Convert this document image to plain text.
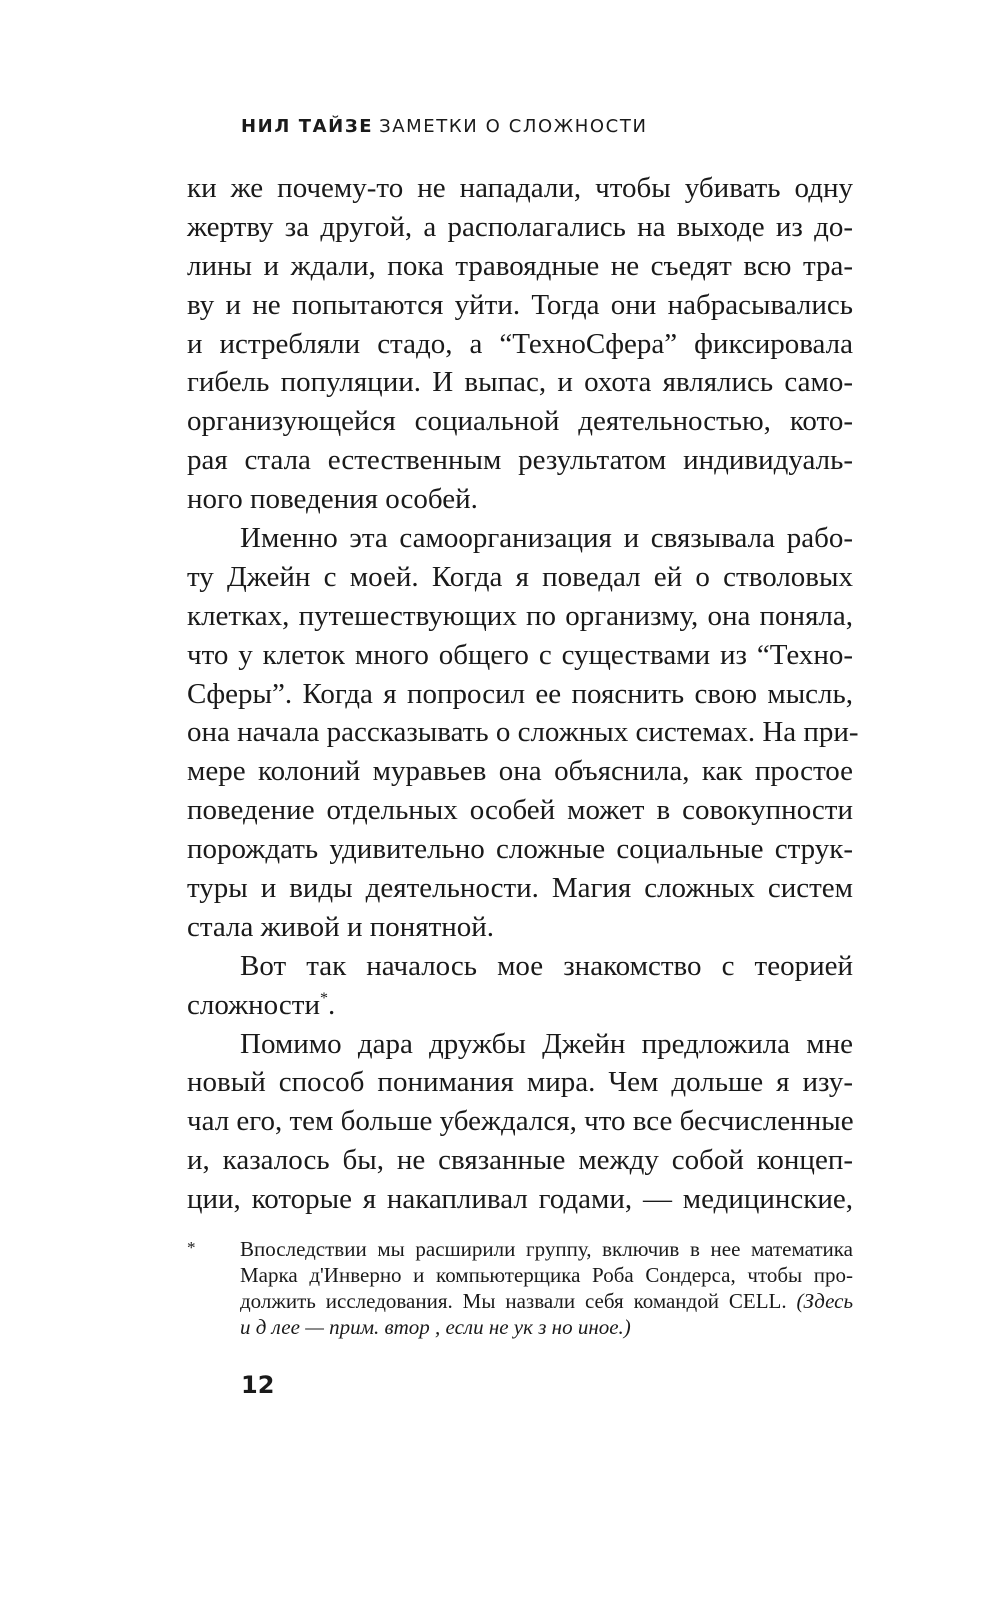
НИЛ ТАЙЗЕ ЗАМЕТКИ О СЛОЖНОСТИ
ки же почему-то не нападали, чтобы убивать одну
жертву за другой, а располагались на выходе из до-
лины и ждали, пока травоядные не съедят всю тра-
ву и не попытаются уйти. Тогда они набрасывались
и истребляли стадо, а “ТехноСфера” фиксировала
гибель популяции. И выпас, и охота являлись само-
организующейся социальной деятельностью, кото-
рая стала естественным результатом индивидуаль-
ного поведения особей.
Именно эта самоорганизация и связывала рабо-
ту Джейн с моей. Когда я поведал ей о стволовых
клетках, путешествующих по организму, она поняла,
что у клеток много общего с существами из “Техно-
Сферы”. Когда я попросил ее пояснить свою мысль,
она начала рассказывать о сложных системах. На при-
мере колоний муравьев она объяснила, как простое
поведение отдельных особей может в совокупности
порождать удивительно сложные социальные струк-
туры и виды деятельности. Магия сложных систем
стала живой и понятной.
Вот так началось мое знакомство с теорией
сложности*.
Помимо дара дружбы Джейн предложила мне
новый способ понимания мира. Чем дольше я изу-
чал его, тем больше убеждался, что все бесчисленные
и, казалось бы, не связанные между собой концеп-
ции, которые я накапливал годами, — медицинские,
* Впоследствии мы расширили группу, включив в нее математика
Марка д'Инверно и компьютерщика Роба Сондерса, чтобы про-
должить исследования. Мы назвали себя командой CELL. (Здесь
и д лее — прим. втор , если не ук з но иное.)
12
